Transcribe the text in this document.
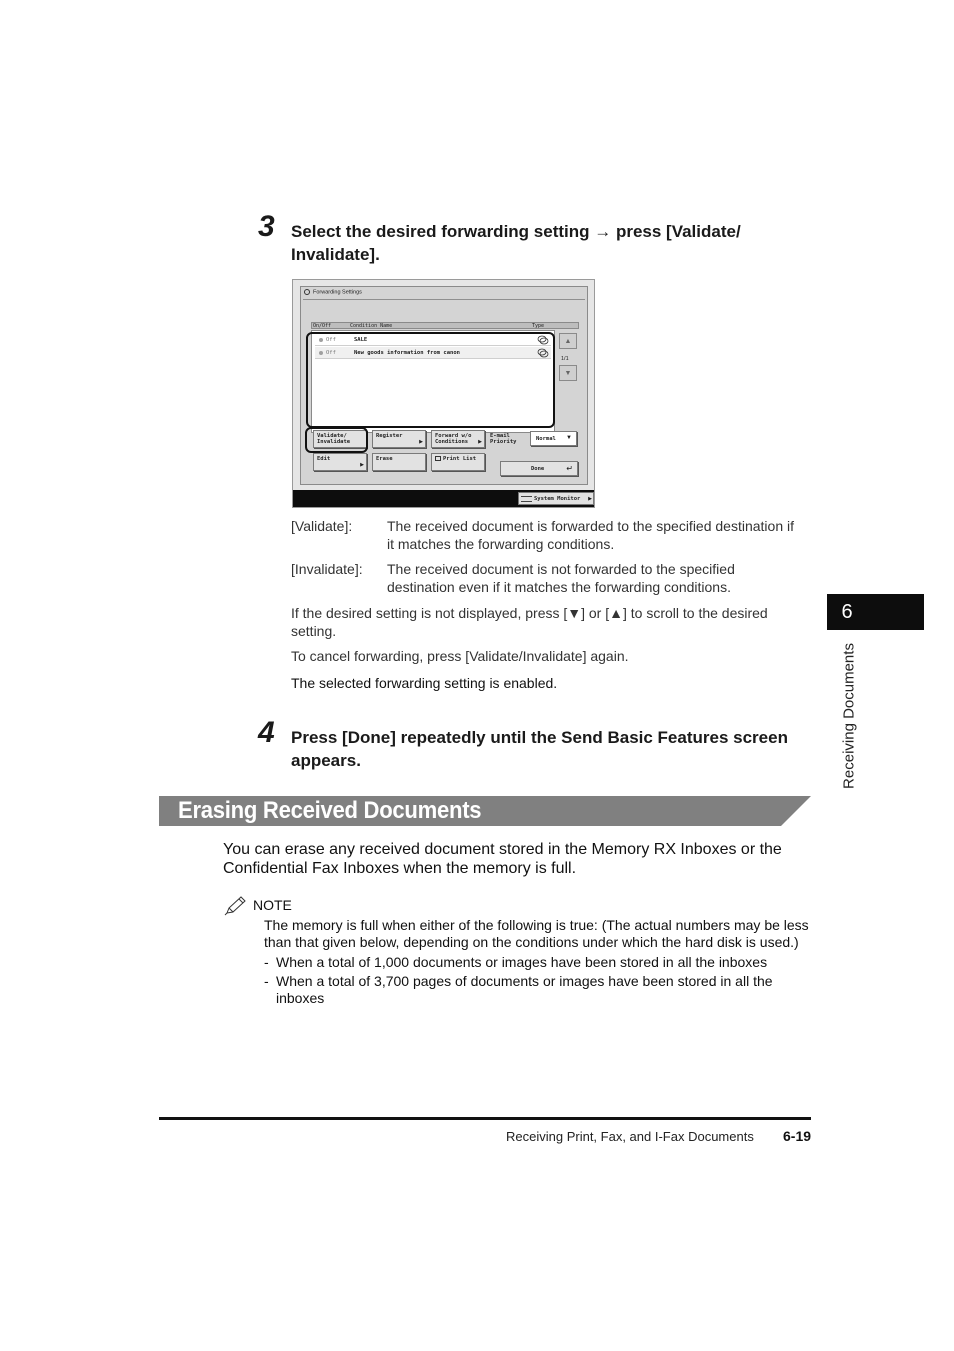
3 Select the desired forwarding setting → press [Validate/
Invalidate].
Forwarding Settings
On/Off	Condition Name	Type
Off	SALE
Off	New goods information from canon
▲
1/1
▼
Validate/
Invalidate
Register
▶
Forward w/o
Conditions	▶
E-mail
Priority	Normal ▼
Edit
▶
Erase	Print List
Done	↵
System Monitor ▶
[Validate]: The received document is forwarded to the specified destination if
it matches the forwarding conditions.
[Invalidate]: The received document is not forwarded to the specified
destination even if it matches the forwarding conditions.
If the desired setting is not displayed, press [▼] or [▲] to scroll to the desired
setting.
To cancel forwarding, press [Validate/Invalidate] again.
The selected forwarding setting is enabled.
4 Press [Done] repeatedly until the Send Basic Features screen
appears.
Erasing Received Documents
You can erase any received document stored in the Memory RX Inboxes or the
Confidential Fax Inboxes when the memory is full.
NOTE
The memory is full when either of the following is true: (The actual numbers may be less
than that given below, depending on the conditions under which the hard disk is used.)
- When a total of 1,000 documents or images have been stored in all the inboxes
- When a total of 3,700 pages of documents or images have been stored in all the
inboxes
6
Receiving Documents
Receiving Print, Fax, and I-Fax Documents 6-19
